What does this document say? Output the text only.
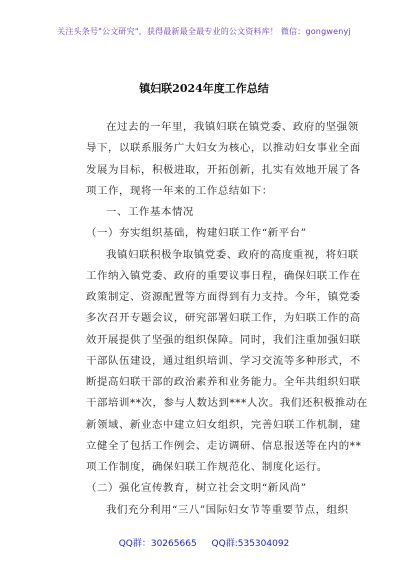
关注头条号"公文研究"，获得最新最全最专业的公文资料库！ 微信：gongwenyj
镇妇联2024年度工作总结
在过去的一年里，我镇妇联在镇党委、政府的坚强领
导下，以联系服务广大妇女为核心，以推动妇女事业全面
发展为目标，积极进取，开拓创新，扎实有效地开展了各
项工作，现将一年来的工作总结如下：
一、工作基本情况
（一）夯实组织基础，构建妇联工作“新平台”
我镇妇联积极争取镇党委、政府的高度重视，将妇联
工作纳入镇党委、政府的重要议事日程，确保妇联工作在
政策制定、资源配置等方面得到有力支持。今年，镇党委
多次召开专题会议，研究部署妇联工作，为妇联工作的高
效开展提供了坚强的组织保障。同时，我们注重加强妇联
干部队伍建设，通过组织培训、学习交流等多种形式，不
断提高妇联干部的政治素养和业务能力。全年共组织妇联
干部培训**次，参与人数达到***人次。我们还积极推动在
新领域、新业态中建立妇女组织，完善妇联工作机制，建
立健全了包括工作例会、走访调研、信息报送等在内的**
项工作制度，确保妇联工作规范化、制度化运行。
（二）强化宣传教育，树立社会文明“新风尚”
我们充分利用“三八”国际妇女节等重要节点，组织
QQ群：30265665 QQ群:535304092
